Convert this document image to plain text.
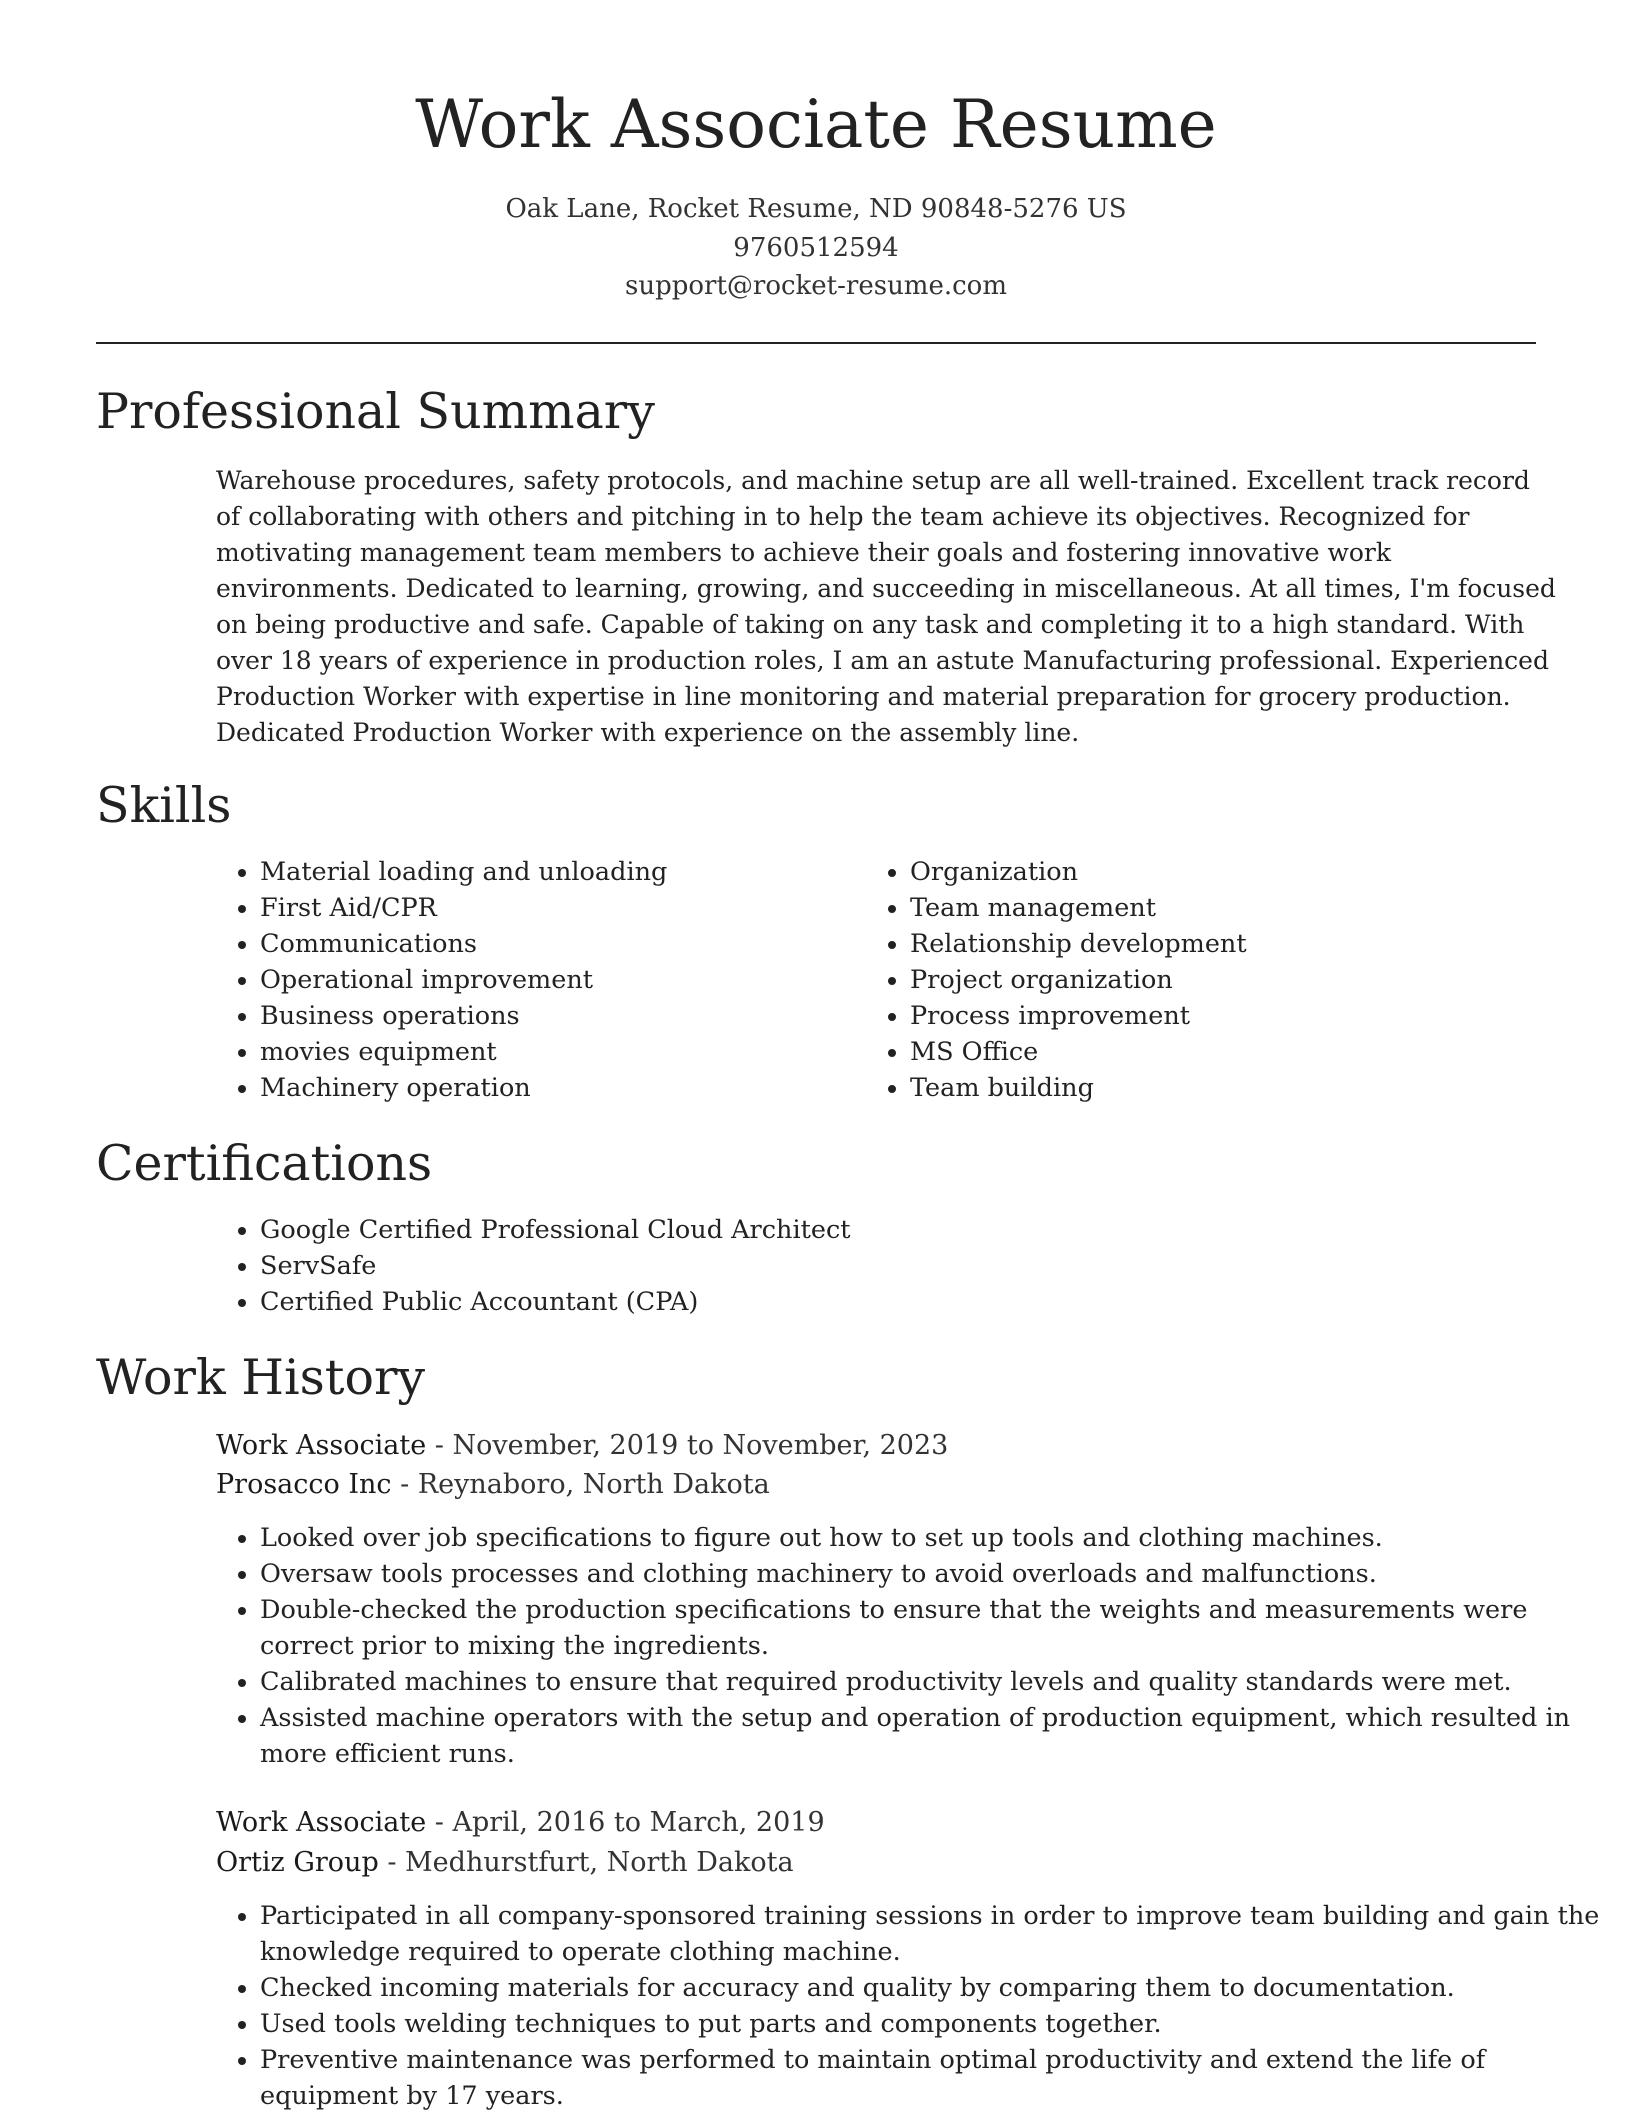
Work Associate Resume
Oak Lane, Rocket Resume, ND 90848-5276 US
9760512594
support@rocket-resume.com
Professional Summary

Warehouse procedures, safety protocols, and machine setup are all well-trained. Excellent track record of collaborating with others and pitching in to help the team achieve its objectives. Recognized for motivating management team members to achieve their goals and fostering innovative work environments. Dedicated to learning, growing, and succeeding in miscellaneous. At all times, I'm focused on being productive and safe. Capable of taking on any task and completing it to a high standard. With over 18 years of experience in production roles, I am an astute Manufacturing professional. Experienced Production Worker with expertise in line monitoring and material preparation for grocery production. Dedicated Production Worker with experience on the assembly line.

Skills
• Material loading and unloading
• First Aid/CPR
• Communications
• Operational improvement
• Business operations
• movies equipment
• Machinery operation
• Organization
• Team management
• Relationship development
• Project organization
• Process improvement
• MS Office
• Team building
Certifications
• Google Certified Professional Cloud Architect
• ServSafe
• Certified Public Accountant (CPA)
Work History
Work Associate - November, 2019 to November, 2023
Prosacco Inc - Reynaboro, North Dakota
• Looked over job specifications to figure out how to set up tools and clothing machines.
• Oversaw tools processes and clothing machinery to avoid overloads and malfunctions.
• Double-checked the production specifications to ensure that the weights and measurements were correct prior to mixing the ingredients.
• Calibrated machines to ensure that required productivity levels and quality standards were met.
• Assisted machine operators with the setup and operation of production equipment, which resulted in more efficient runs.
Work Associate - April, 2016 to March, 2019
Ortiz Group - Medhurstfurt, North Dakota
• Participated in all company-sponsored training sessions in order to improve team building and gain the knowledge required to operate clothing machine.
• Checked incoming materials for accuracy and quality by comparing them to documentation.
• Used tools welding techniques to put parts and components together.
• Preventive maintenance was performed to maintain optimal productivity and extend the life of equipment by 17 years.
